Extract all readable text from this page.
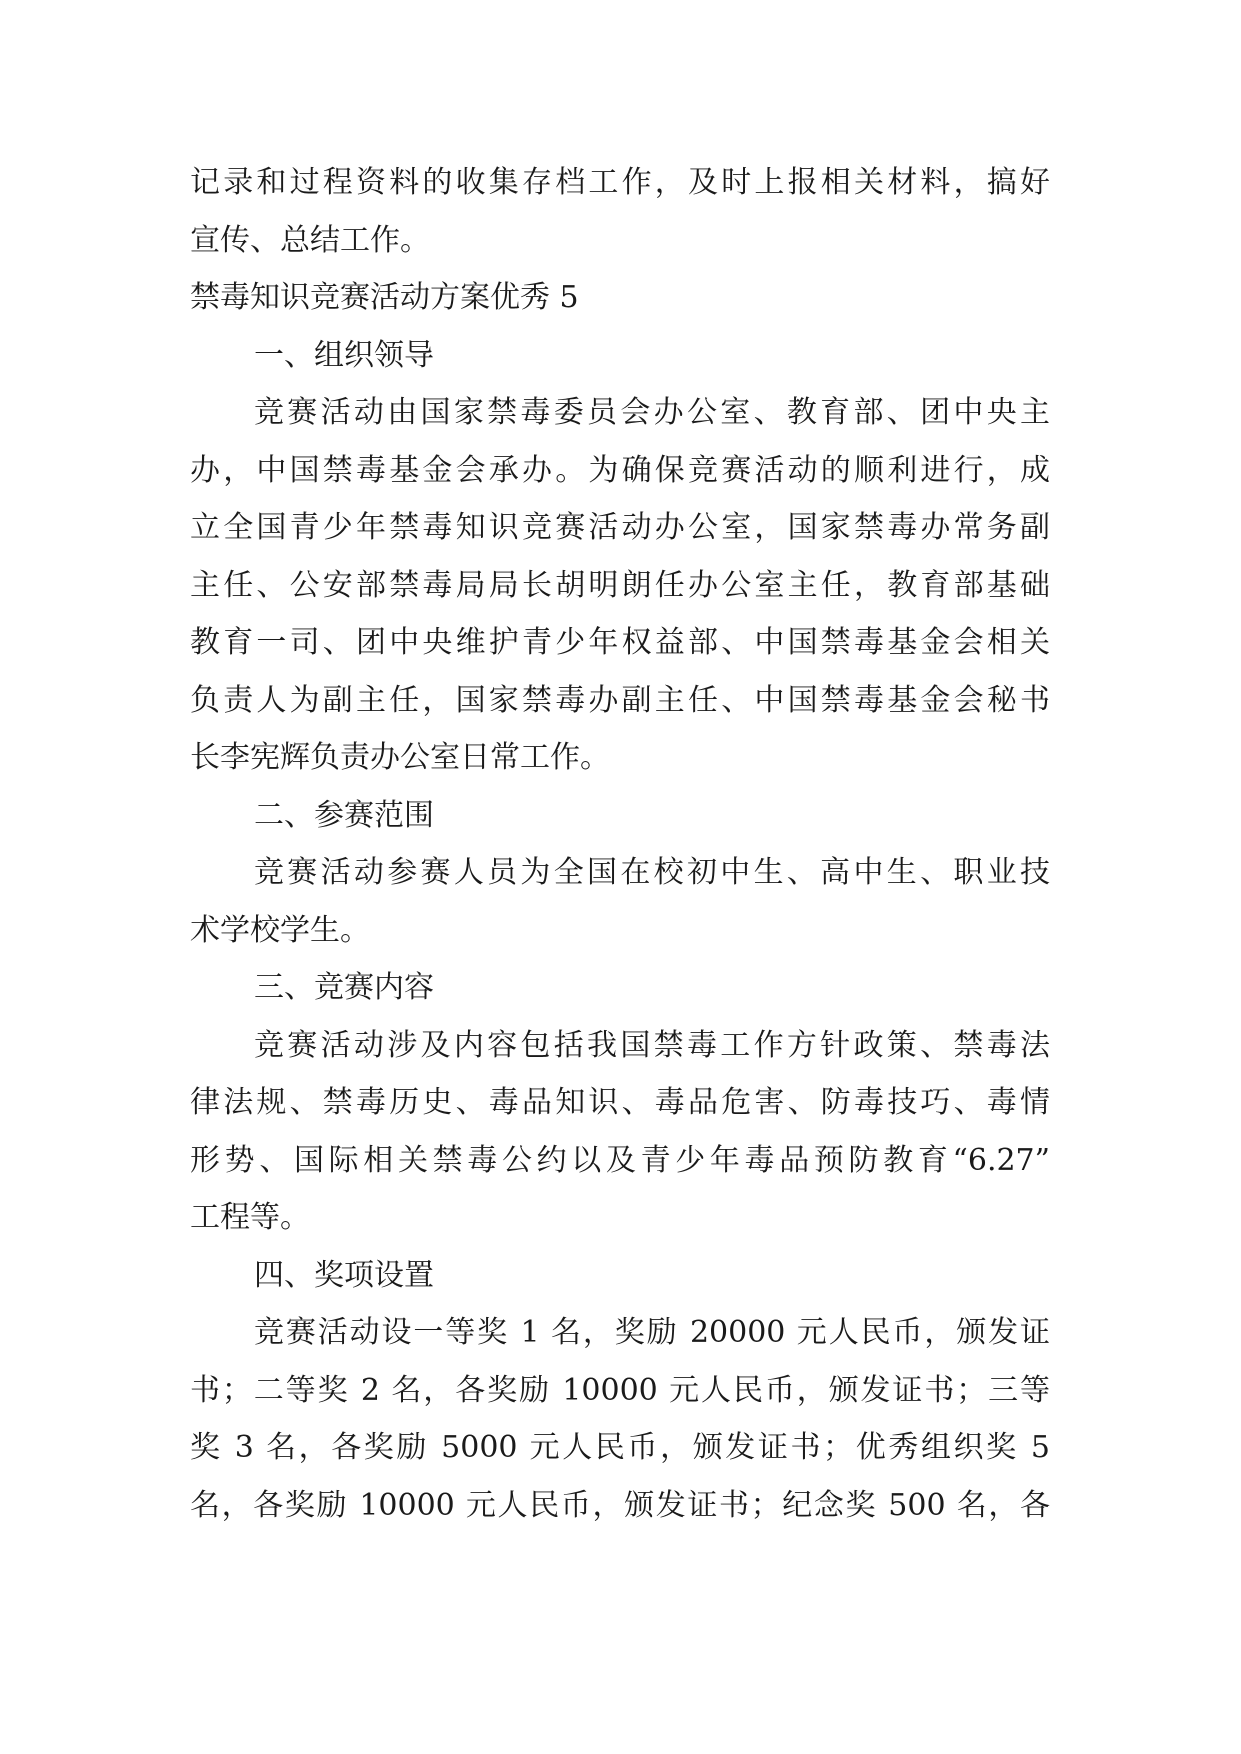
记录和过程资料的收集存档工作，及时上报相关材料，搞好
宣传、总结工作。
禁毒知识竞赛活动方案优秀 5
一、组织领导
竞赛活动由国家禁毒委员会办公室、教育部、团中央主
办，中国禁毒基金会承办。为确保竞赛活动的顺利进行，成
立全国青少年禁毒知识竞赛活动办公室，国家禁毒办常务副
主任、公安部禁毒局局长胡明朗任办公室主任，教育部基础
教育一司、团中央维护青少年权益部、中国禁毒基金会相关
负责人为副主任，国家禁毒办副主任、中国禁毒基金会秘书
长李宪辉负责办公室日常工作。
二、参赛范围
竞赛活动参赛人员为全国在校初中生、高中生、职业技
术学校学生。
三、竞赛内容
竞赛活动涉及内容包括我国禁毒工作方针政策、禁毒法
律法规、禁毒历史、毒品知识、毒品危害、防毒技巧、毒情
形势、国际相关禁毒公约以及青少年毒品预防教育“6.27”
工程等。
四、奖项设置
竞赛活动设一等奖 1 名，奖励 20000 元人民币，颁发证
书；二等奖 2 名，各奖励 10000 元人民币，颁发证书；三等
奖 3 名，各奖励 5000 元人民币，颁发证书；优秀组织奖 5
名，各奖励 10000 元人民币，颁发证书；纪念奖 500 名，各
